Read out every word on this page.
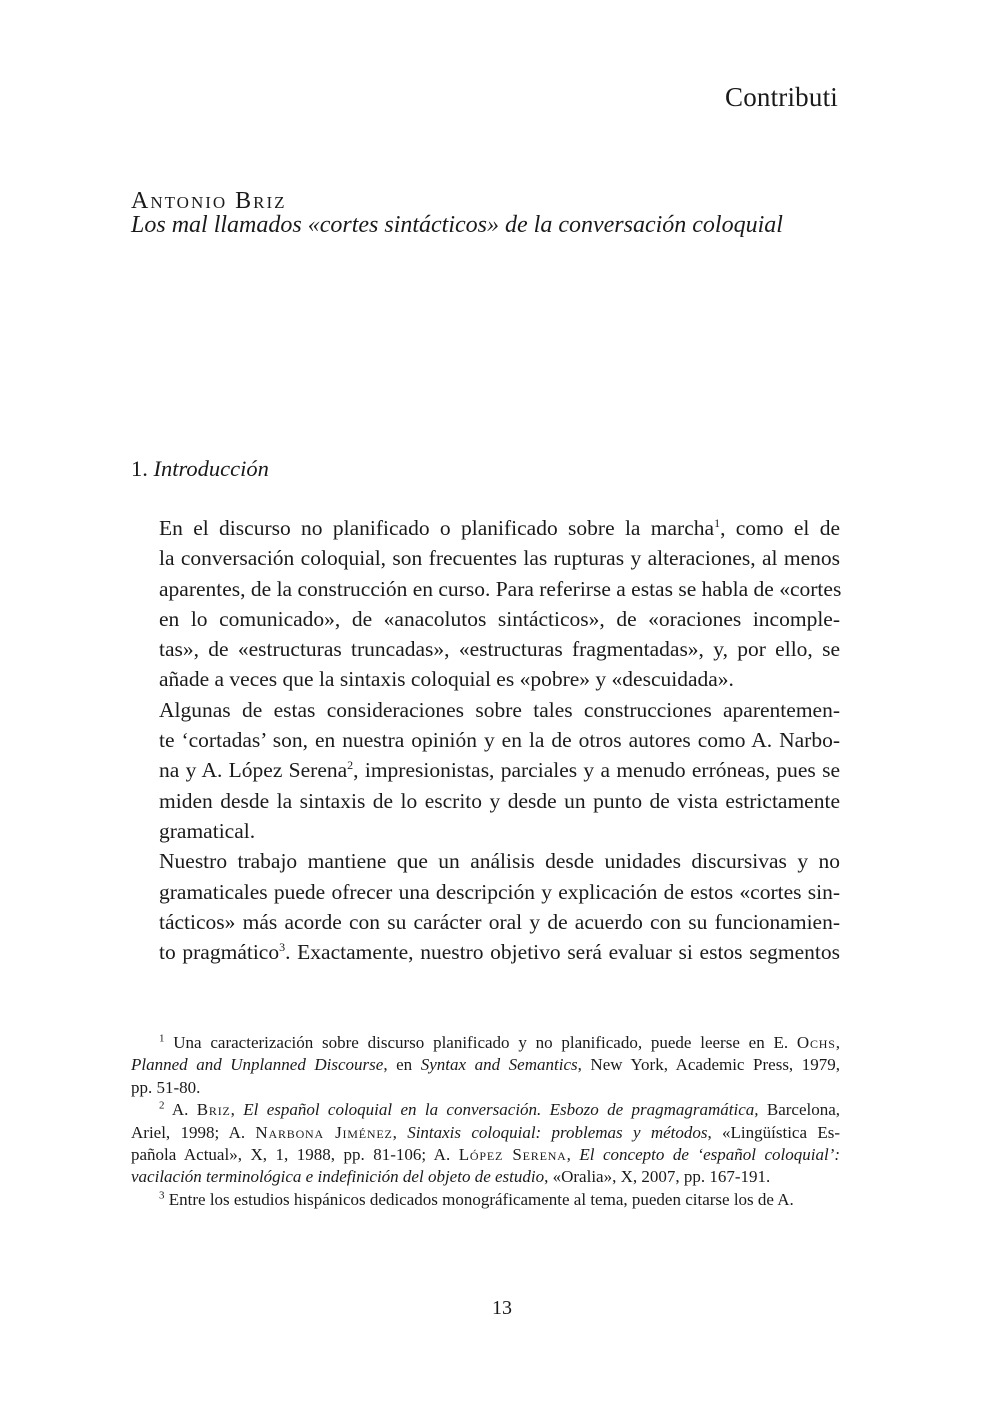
Contributi
Antonio Briz
Los mal llamados «cortes sintácticos» de la conversación coloquial
1. Introducción

En el discurso no planificado o planificado sobre la marcha$^1$, como el de
la conversación coloquial, son frecuentes las rupturas y alteraciones, al menos
aparentes, de la construcción en curso. Para referirse a estas se habla de «cortes
en lo comunicado», de «anacolutos sintácticos», de «oraciones incomple-
tas», de «estructuras truncadas», «estructuras fragmentadas», y, por ello, se
añade a veces que la sintaxis coloquial es «pobre» y «descuidada».

Algunas de estas consideraciones sobre tales construcciones aparentemen-
te ‘cortadas’ son, en nuestra opinión y en la de otros autores como A. Narbo-
na y A. López Serena$^2$, impresionistas, parciales y a menudo erróneas, pues se
miden desde la sintaxis de lo escrito y desde un punto de vista estrictamente
gramatical.

Nuestro trabajo mantiene que un análisis desde unidades discursivas y no
gramaticales puede ofrecer una descripción y explicación de estos «cortes sin-
tácticos» más acorde con su carácter oral y de acuerdo con su funcionamien-
to pragmático$^3$. Exactamente, nuestro objetivo será evaluar si estos segmentos

$^1$ Una caracterización sobre discurso planificado y no planificado, puede leerse en E. Ochs,
Planned and Unplanned Discourse, en Syntax and Semantics, New York, Academic Press, 1979,
pp. 51-80.
$^2$ A. Briz, El español coloquial en la conversación. Esbozo de pragmagramática, Barcelona,
Ariel, 1998; A. Narbona Jiménez, Sintaxis coloquial: problemas y métodos, «Lingüística Es-
pañola Actual», X, 1, 1988, pp. 81-106; A. López Serena, El concepto de ‘español coloquial’:
vacilación terminológica e indefinición del objeto de estudio, «Oralia», X, 2007, pp. 167-191.
$^3$ Entre los estudios hispánicos dedicados monográficamente al tema, pueden citarse los de A.
13
